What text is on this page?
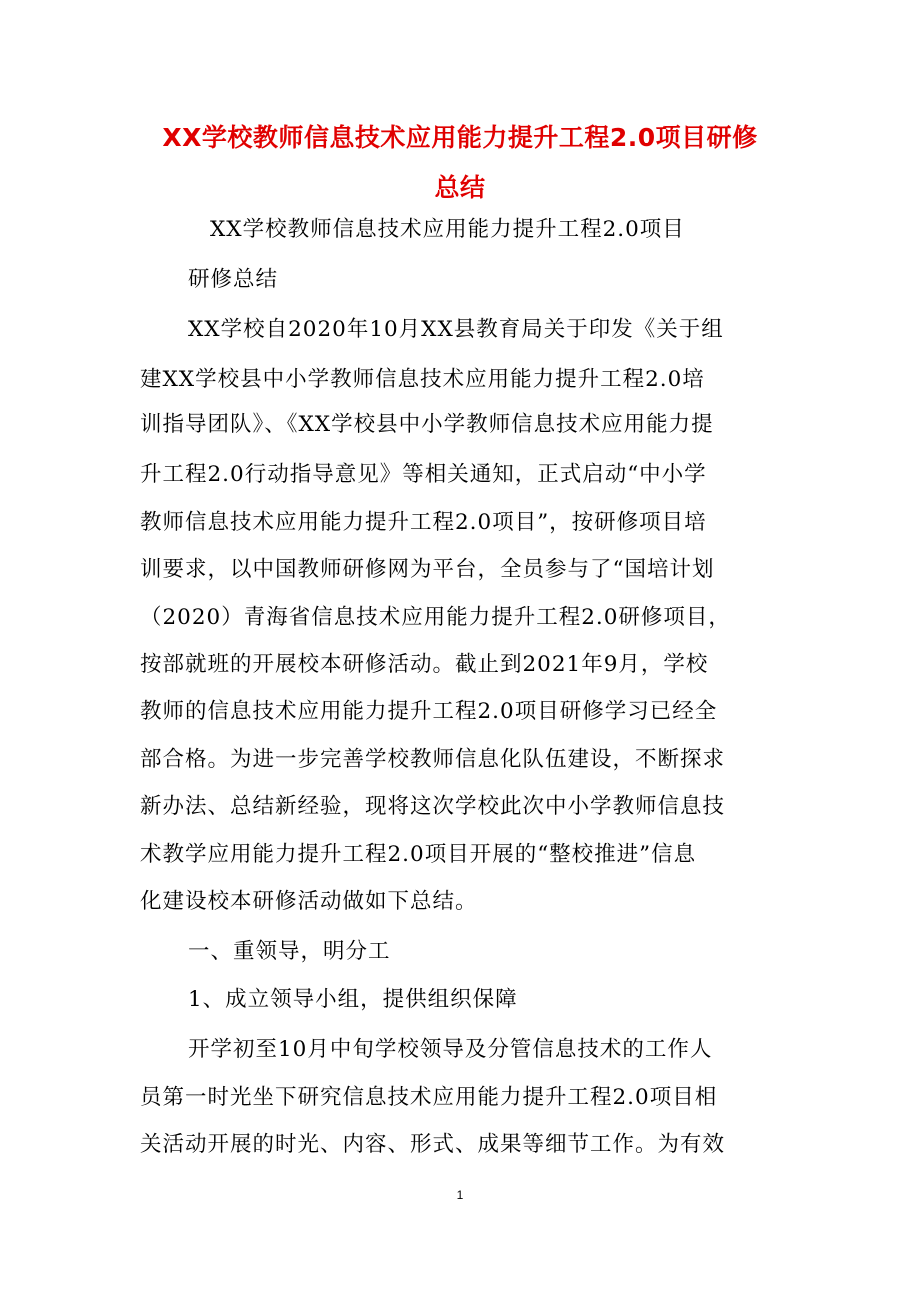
XX学校教师信息技术应用能力提升工程2.0项目研修
总结
XX学校教师信息技术应用能力提升工程2.0项目
研修总结
XX学校自2020年10月XX县教育局关于印发《关于组
建XX学校县中小学教师信息技术应用能力提升工程2.0培
训指导团队》、《XX学校县中小学教师信息技术应用能力提
升工程2.0行动指导意见》等相关通知，正式启动“中小学
教师信息技术应用能力提升工程2.0项目”，按研修项目培
训要求，以中国教师研修网为平台，全员参与了“国培计划
（2020）青海省信息技术应用能力提升工程2.0研修项目，
按部就班的开展校本研修活动。截止到2021年9月，学校
教师的信息技术应用能力提升工程2.0项目研修学习已经全
部合格。为进一步完善学校教师信息化队伍建设，不断探求
新办法、总结新经验，现将这次学校此次中小学教师信息技
术教学应用能力提升工程2.0项目开展的“整校推进”信息
化建设校本研修活动做如下总结。
一、重领导，明分工
1、成立领导小组，提供组织保障
开学初至10月中旬学校领导及分管信息技术的工作人
员第一时光坐下研究信息技术应用能力提升工程2.0项目相
关活动开展的时光、内容、形式、成果等细节工作。为有效
1
